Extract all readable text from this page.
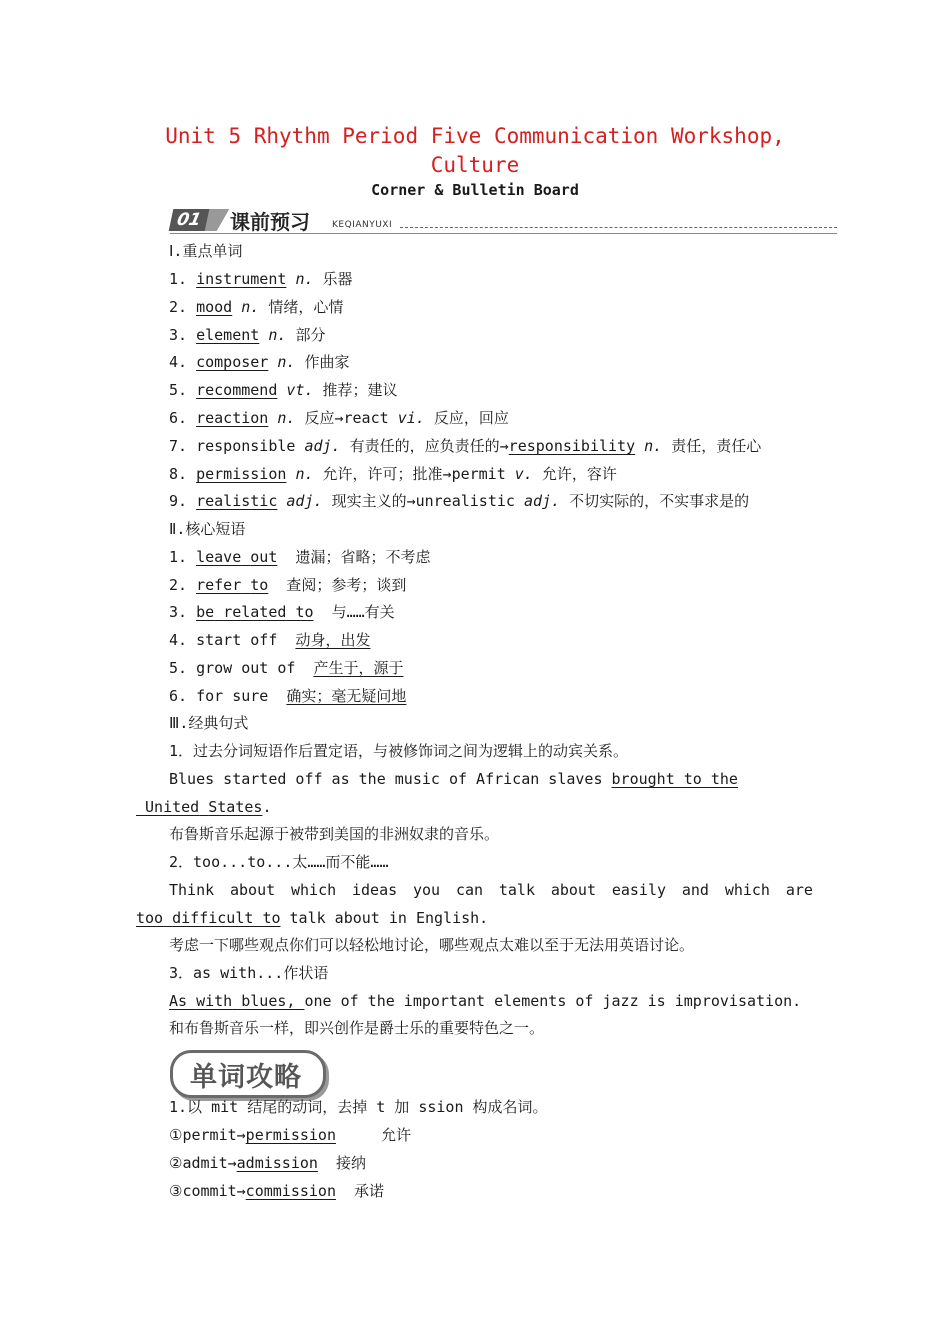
Unit 5 Rhythm Period Five Communication Workshop,
Culture
Corner & Bulletin Board
01	课前预习 KEQIANYUXI
Ⅰ.重点单词
1. instrument n. 乐器
2. mood n. 情绪，心情
3. element n. 部分
4. composer n. 作曲家
5. recommend vt. 推荐；建议
6. reaction n. 反应→react vi. 反应，回应
7. responsible adj. 有责任的，应负责任的→responsibility n. 责任，责任心
8. permission n. 允许，许可；批准→permit v. 允许，容许
9. realistic adj. 现实主义的→unrealistic adj. 不切实际的，不实事求是的
Ⅱ.核心短语
1. leave out 遗漏；省略；不考虑
2. refer to 查阅；参考；谈到
3. be related to 与……有关
4. start off 动身，出发
5. grow out of 产生于，源于
6. for sure 确实；毫无疑问地
Ⅲ.经典句式
1．过去分词短语作后置定语，与被修饰词之间为逻辑上的动宾关系。
Blues started off as the music of African slaves brought to the
United States.
布鲁斯音乐起源于被带到美国的非洲奴隶的音乐。
2．too...to...太……而不能……
Think about which ideas you can talk about easily and which are
too difficult to talk about in English.
考虑一下哪些观点你们可以轻松地讨论，哪些观点太难以至于无法用英语讨论。
3．as with...作状语
As with blues, one of the important elements of jazz is improvisation.
和布鲁斯音乐一样，即兴创作是爵士乐的重要特色之一。
单词攻略
1.以 mit 结尾的动词，去掉 t 加 ssion 构成名词。
①permit→permission	允许
②admit→admission 接纳
③commit→commission 承诺
